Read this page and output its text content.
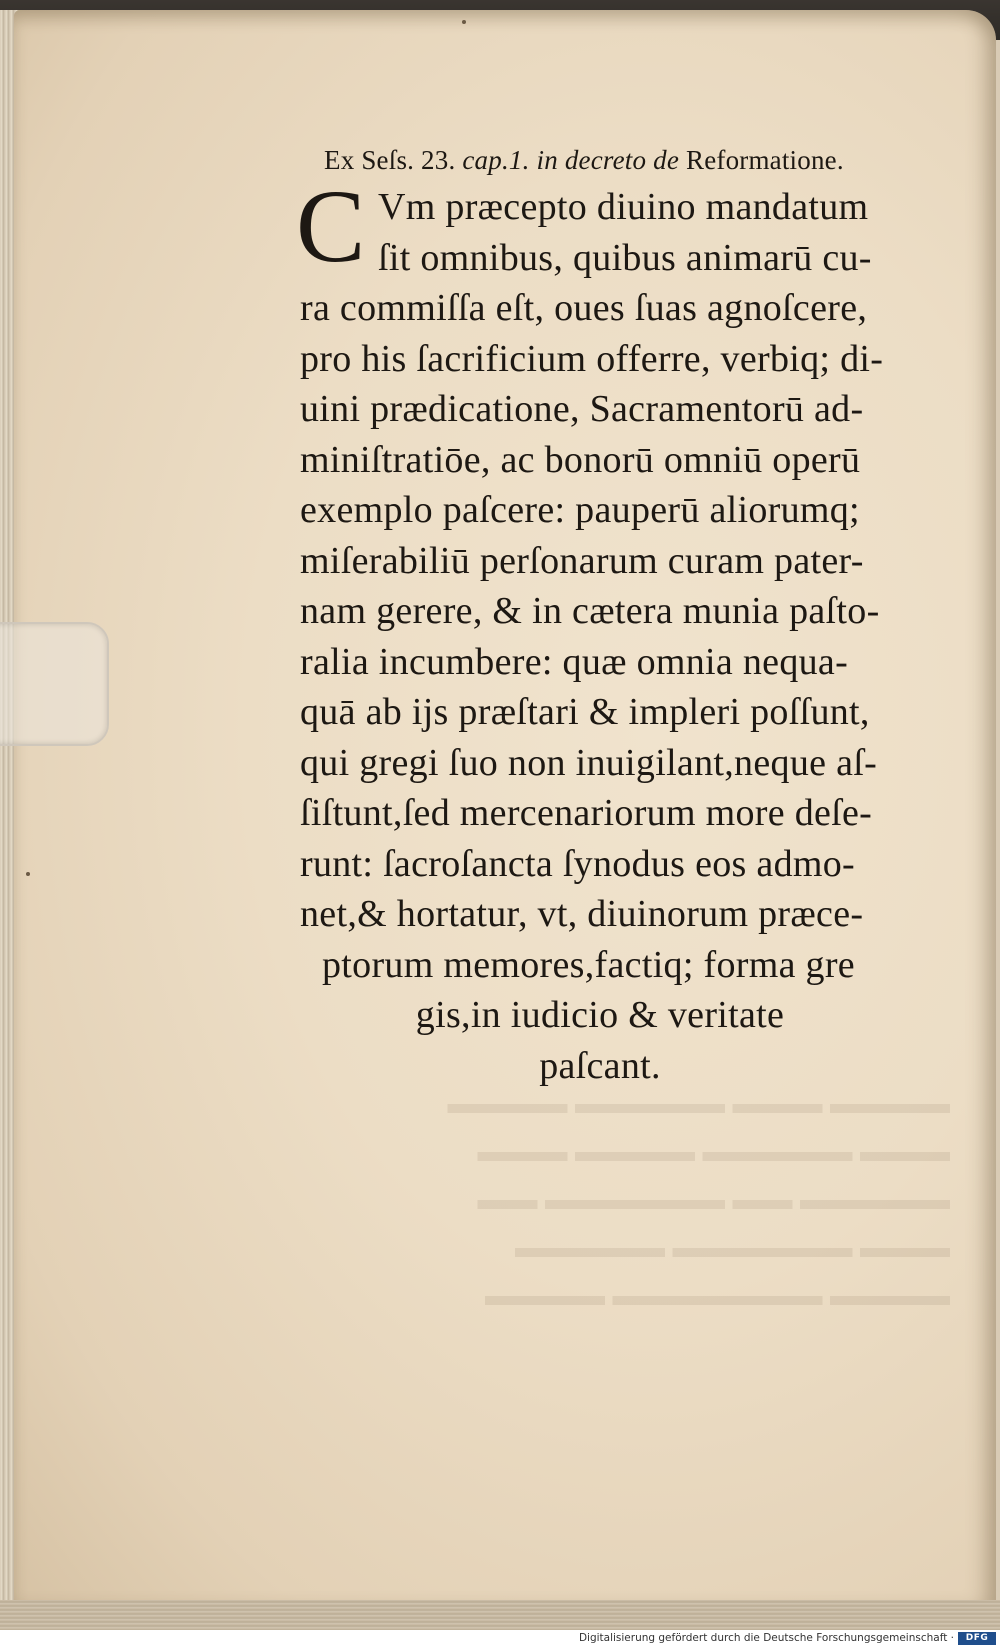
▬▬▬▬ ▬▬▬ ▬▬▬▬▬ ▬▬▬▬
▬▬▬ ▬▬▬▬▬ ▬▬▬▬ ▬▬▬
▬▬▬▬▬ ▬▬ ▬▬▬▬▬▬ ▬▬
▬▬▬ ▬▬▬▬▬▬ ▬▬▬▬▬
▬▬▬▬ ▬▬▬▬▬▬▬ ▬▬▬▬
Ex Seſs. 23. cap.1. in decreto de Reformatione.
C Vm præcepto diuino mandatum
ſit omnibus, quibus animarū cu-
ra commiſſa eſt, oues ſuas agnoſcere,
pro his ſacrificium offerre, verbiq; di-
uini prædicatione, Sacramentorū ad-
miniſtratiōe, ac bonorū omniū operū
exemplo paſcere: pauperū aliorumq;
miſerabiliū perſonarum curam pater-
nam gerere, & in cætera munia paſto-
ralia incumbere: quæ omnia nequa-
quā ab ijs præſtari & impleri poſſunt,
qui gregi ſuo non inuigilant,neque aſ-
ſiſtunt,ſed mercenariorum more deſe-
runt: ſacroſancta ſynodus eos admo-
net,& hortatur, vt, diuinorum præce-
ptorum memores,factiq; forma gre
gis,in iudicio & veritate
paſcant.
Digitalisierung gefördert durch die Deutsche Forschungsgemeinschaft ·	DFG
